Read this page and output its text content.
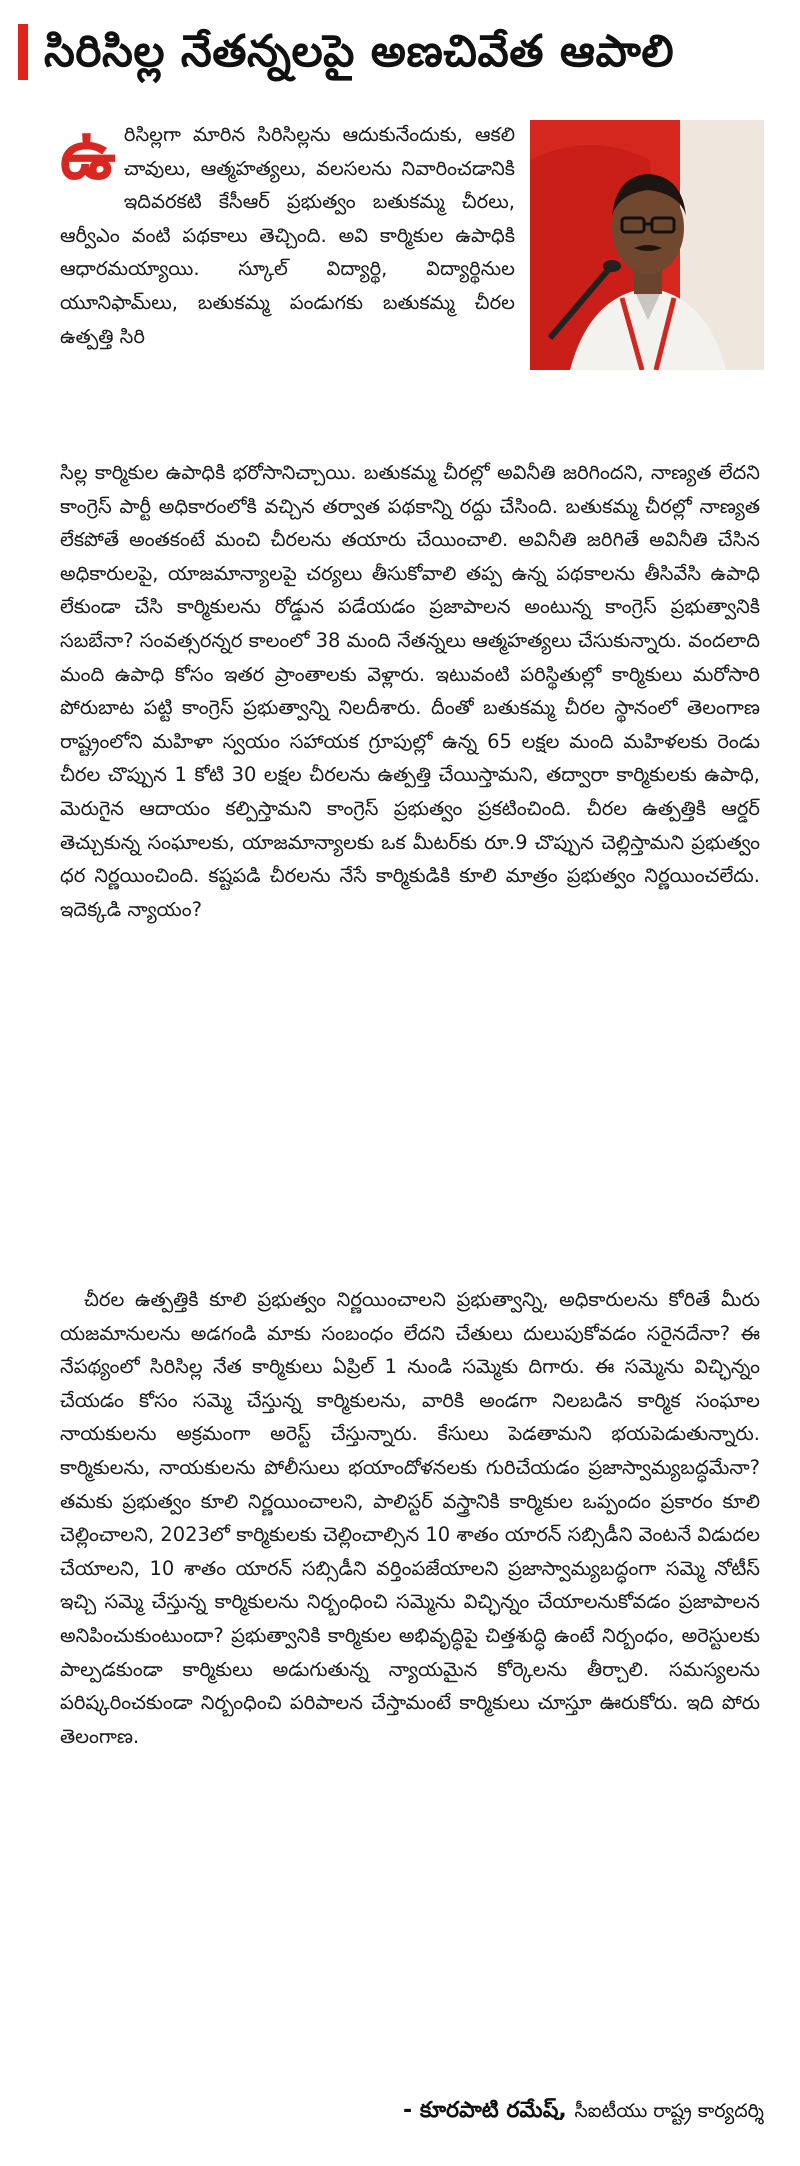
సిరిసిల్ల నేతన్నలపై అణచివేత ఆపాలి
ఉ రిసిల్లగా మారిన సిరిసిల్లను ఆదుకునేందుకు, ఆకలి చావులు, ఆత్మహత్యలు, వలసలను నివారించడానికి ఇదివరకటి కేసీఆర్ ప్రభుత్వం బతుకమ్మ చీరలు, ఆర్వీఎం వంటి పథకాలు తెచ్చింది. అవి కార్మికుల ఉపాధికి ఆధారమయ్యాయి. స్కూల్ విద్యార్థి, విద్యార్థినుల యూనిఫామ్‌లు, బతుకమ్మ పండుగకు బతుకమ్మ చీరల ఉత్పత్తి సిరి

సిల్ల కార్మికుల ఉపాధికి భరోసానిచ్చాయి. బతుకమ్మ చీరల్లో అవినీతి జరిగిందని, నాణ్యత లేదని కాంగ్రెస్ పార్టీ అధికారంలోకి వచ్చిన తర్వాత పథకాన్ని రద్దు చేసింది. బతుకమ్మ చీరల్లో నాణ్యత లేకపోతే అంతకంటే మంచి చీరలను తయారు చేయించాలి. అవినీతి జరిగితే అవినీతి చేసిన అధికారులపై, యాజమాన్యాలపై చర్యలు తీసుకోవాలి తప్ప ఉన్న పథకాలను తీసివేసి ఉపాధి లేకుండా చేసి కార్మికులను రోడ్డున పడేయడం ప్రజాపాలన అంటున్న కాంగ్రెస్ ప్రభుత్వానికి సబబేనా? సంవత్సరన్నర కాలంలో 38 మంది నేతన్నలు ఆత్మహత్యలు చేసుకున్నారు. వందలాది మంది ఉపాధి కోసం ఇతర ప్రాంతాలకు వెళ్లారు. ఇటువంటి పరిస్థితుల్లో కార్మికులు మరోసారి పోరుబాట పట్టి కాంగ్రెస్ ప్రభుత్వాన్ని నిలదీశారు. దీంతో బతుకమ్మ చీరల స్థానంలో తెలంగాణ రాష్ట్రంలోని మహిళా స్వయం సహాయక గ్రూపుల్లో ఉన్న 65 లక్షల మంది మహిళలకు రెండు చీరల చొప్పున 1 కోటి 30 లక్షల చీరలను ఉత్పత్తి చేయిస్తామని, తద్వారా కార్మికులకు ఉపాధి, మెరుగైన ఆదాయం కల్పిస్తామని కాంగ్రెస్ ప్రభుత్వం ప్రకటించింది. చీరల ఉత్పత్తికి ఆర్డర్ తెచ్చుకున్న సంఘాలకు, యాజమాన్యాలకు ఒక మీటర్‌కు రూ.9 చొప్పున చెల్లిస్తామని ప్రభుత్వం ధర నిర్ణయించింది. కష్టపడి చీరలను నేసే కార్మికుడికి కూలి మాత్రం ప్రభుత్వం నిర్ణయించలేదు. ఇదెక్కడి న్యాయం?

చీరల ఉత్పత్తికి కూలి ప్రభుత్వం నిర్ణయించాలని ప్రభుత్వాన్ని, అధికారులను కోరితే మీరు యజమానులను అడగండి మాకు సంబంధం లేదని చేతులు దులుపుకోవడం సరైనదేనా? ఈ నేపథ్యంలో సిరిసిల్ల నేత కార్మికులు ఏప్రిల్ 1 నుండి సమ్మెకు దిగారు. ఈ సమ్మెను విచ్ఛిన్నం చేయడం కోసం సమ్మె చేస్తున్న కార్మికులను, వారికి అండగా నిలబడిన కార్మిక సంఘాల నాయకులను అక్రమంగా అరెస్ట్ చేస్తున్నారు. కేసులు పెడతామని భయపెడుతున్నారు. కార్మికులను, నాయకులను పోలీసులు భయాందోళనలకు గురిచేయడం ప్రజాస్వామ్యబద్ధమేనా? తమకు ప్రభుత్వం కూలి నిర్ణయించాలని, పాలిస్టర్ వస్త్రానికి కార్మికుల ఒప్పందం ప్రకారం కూలి చెల్లించాలని, 2023లో కార్మికులకు చెల్లించాల్సిన 10 శాతం యారన్ సబ్సిడీని వెంటనే విడుదల చేయాలని, 10 శాతం యారన్ సబ్సిడీని వర్తింపజేయాలని ప్రజాస్వామ్యబద్ధంగా సమ్మె నోటీస్ ఇచ్చి సమ్మె చేస్తున్న కార్మికులను నిర్బంధించి సమ్మెను విచ్ఛిన్నం చేయాలనుకోవడం ప్రజాపాలన అనిపించుకుంటుందా? ప్రభుత్వానికి కార్మికుల అభివృద్ధిపై చిత్తశుద్ధి ఉంటే నిర్బంధం, అరెస్టులకు పాల్పడకుండా కార్మికులు అడుగుతున్న న్యాయమైన కోర్కెలను తీర్చాలి. సమస్యలను పరిష్కరించకుండా నిర్బంధించి పరిపాలన చేస్తామంటే కార్మికులు చూస్తూ ఊరుకోరు. ఇది పోరు తెలంగాణ.

- కూరపాటి రమేష్, సీఐటీయు రాష్ట్ర కార్యదర్శి
